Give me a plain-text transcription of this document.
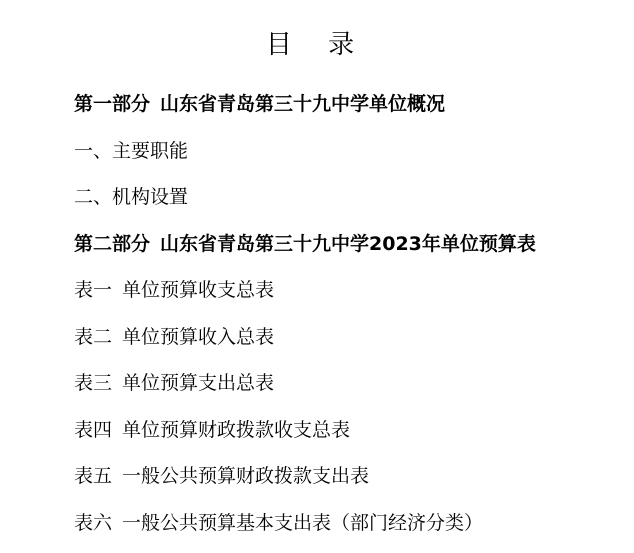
目 录
第一部分 山东省青岛第三十九中学单位概况
一、主要职能
二、机构设置
第二部分 山东省青岛第三十九中学2023年单位预算表
表一 单位预算收支总表
表二 单位预算收入总表
表三 单位预算支出总表
表四 单位预算财政拨款收支总表
表五 一般公共预算财政拨款支出表
表六 一般公共预算基本支出表（部门经济分类）
